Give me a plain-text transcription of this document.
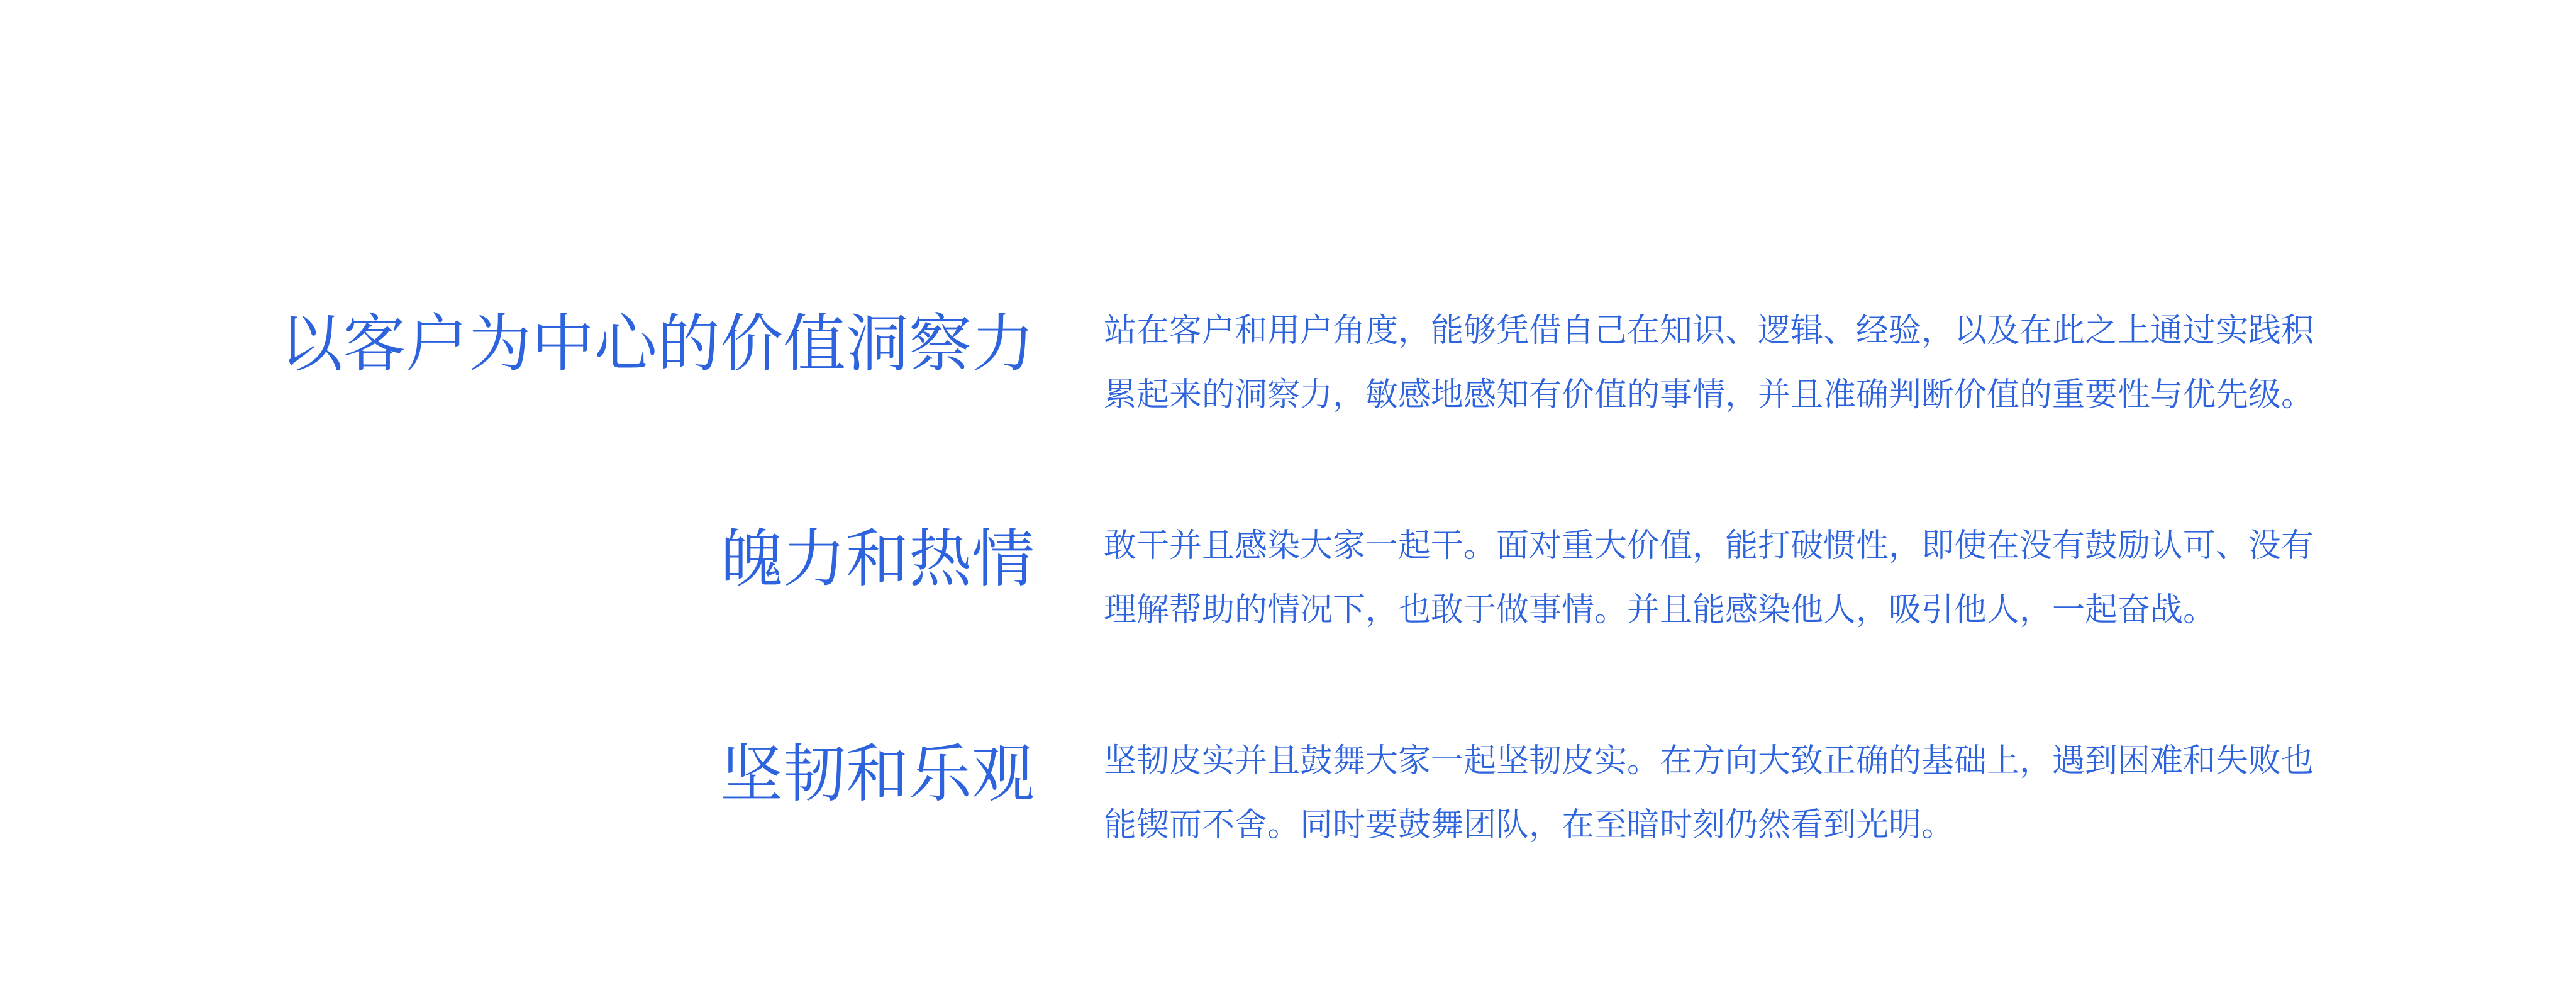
以客户为中心的价值洞察力 站在客户和用户角度，能够凭借自己在知识、逻辑、经验，以及在此之上通过实践积
累起来的洞察力，敏感地感知有价值的事情，并且准确判断价值的重要性与优先级。
魄力和热情 敢干并且感染大家一起干。面对重大价值，能打破惯性，即使在没有鼓励认可、没有
理解帮助的情况下，也敢于做事情。并且能感染他人，吸引他人，一起奋战。
坚韧和乐观 坚韧皮实并且鼓舞大家一起坚韧皮实。在方向大致正确的基础上，遇到困难和失败也
能锲而不舍。同时要鼓舞团队，在至暗时刻仍然看到光明。
